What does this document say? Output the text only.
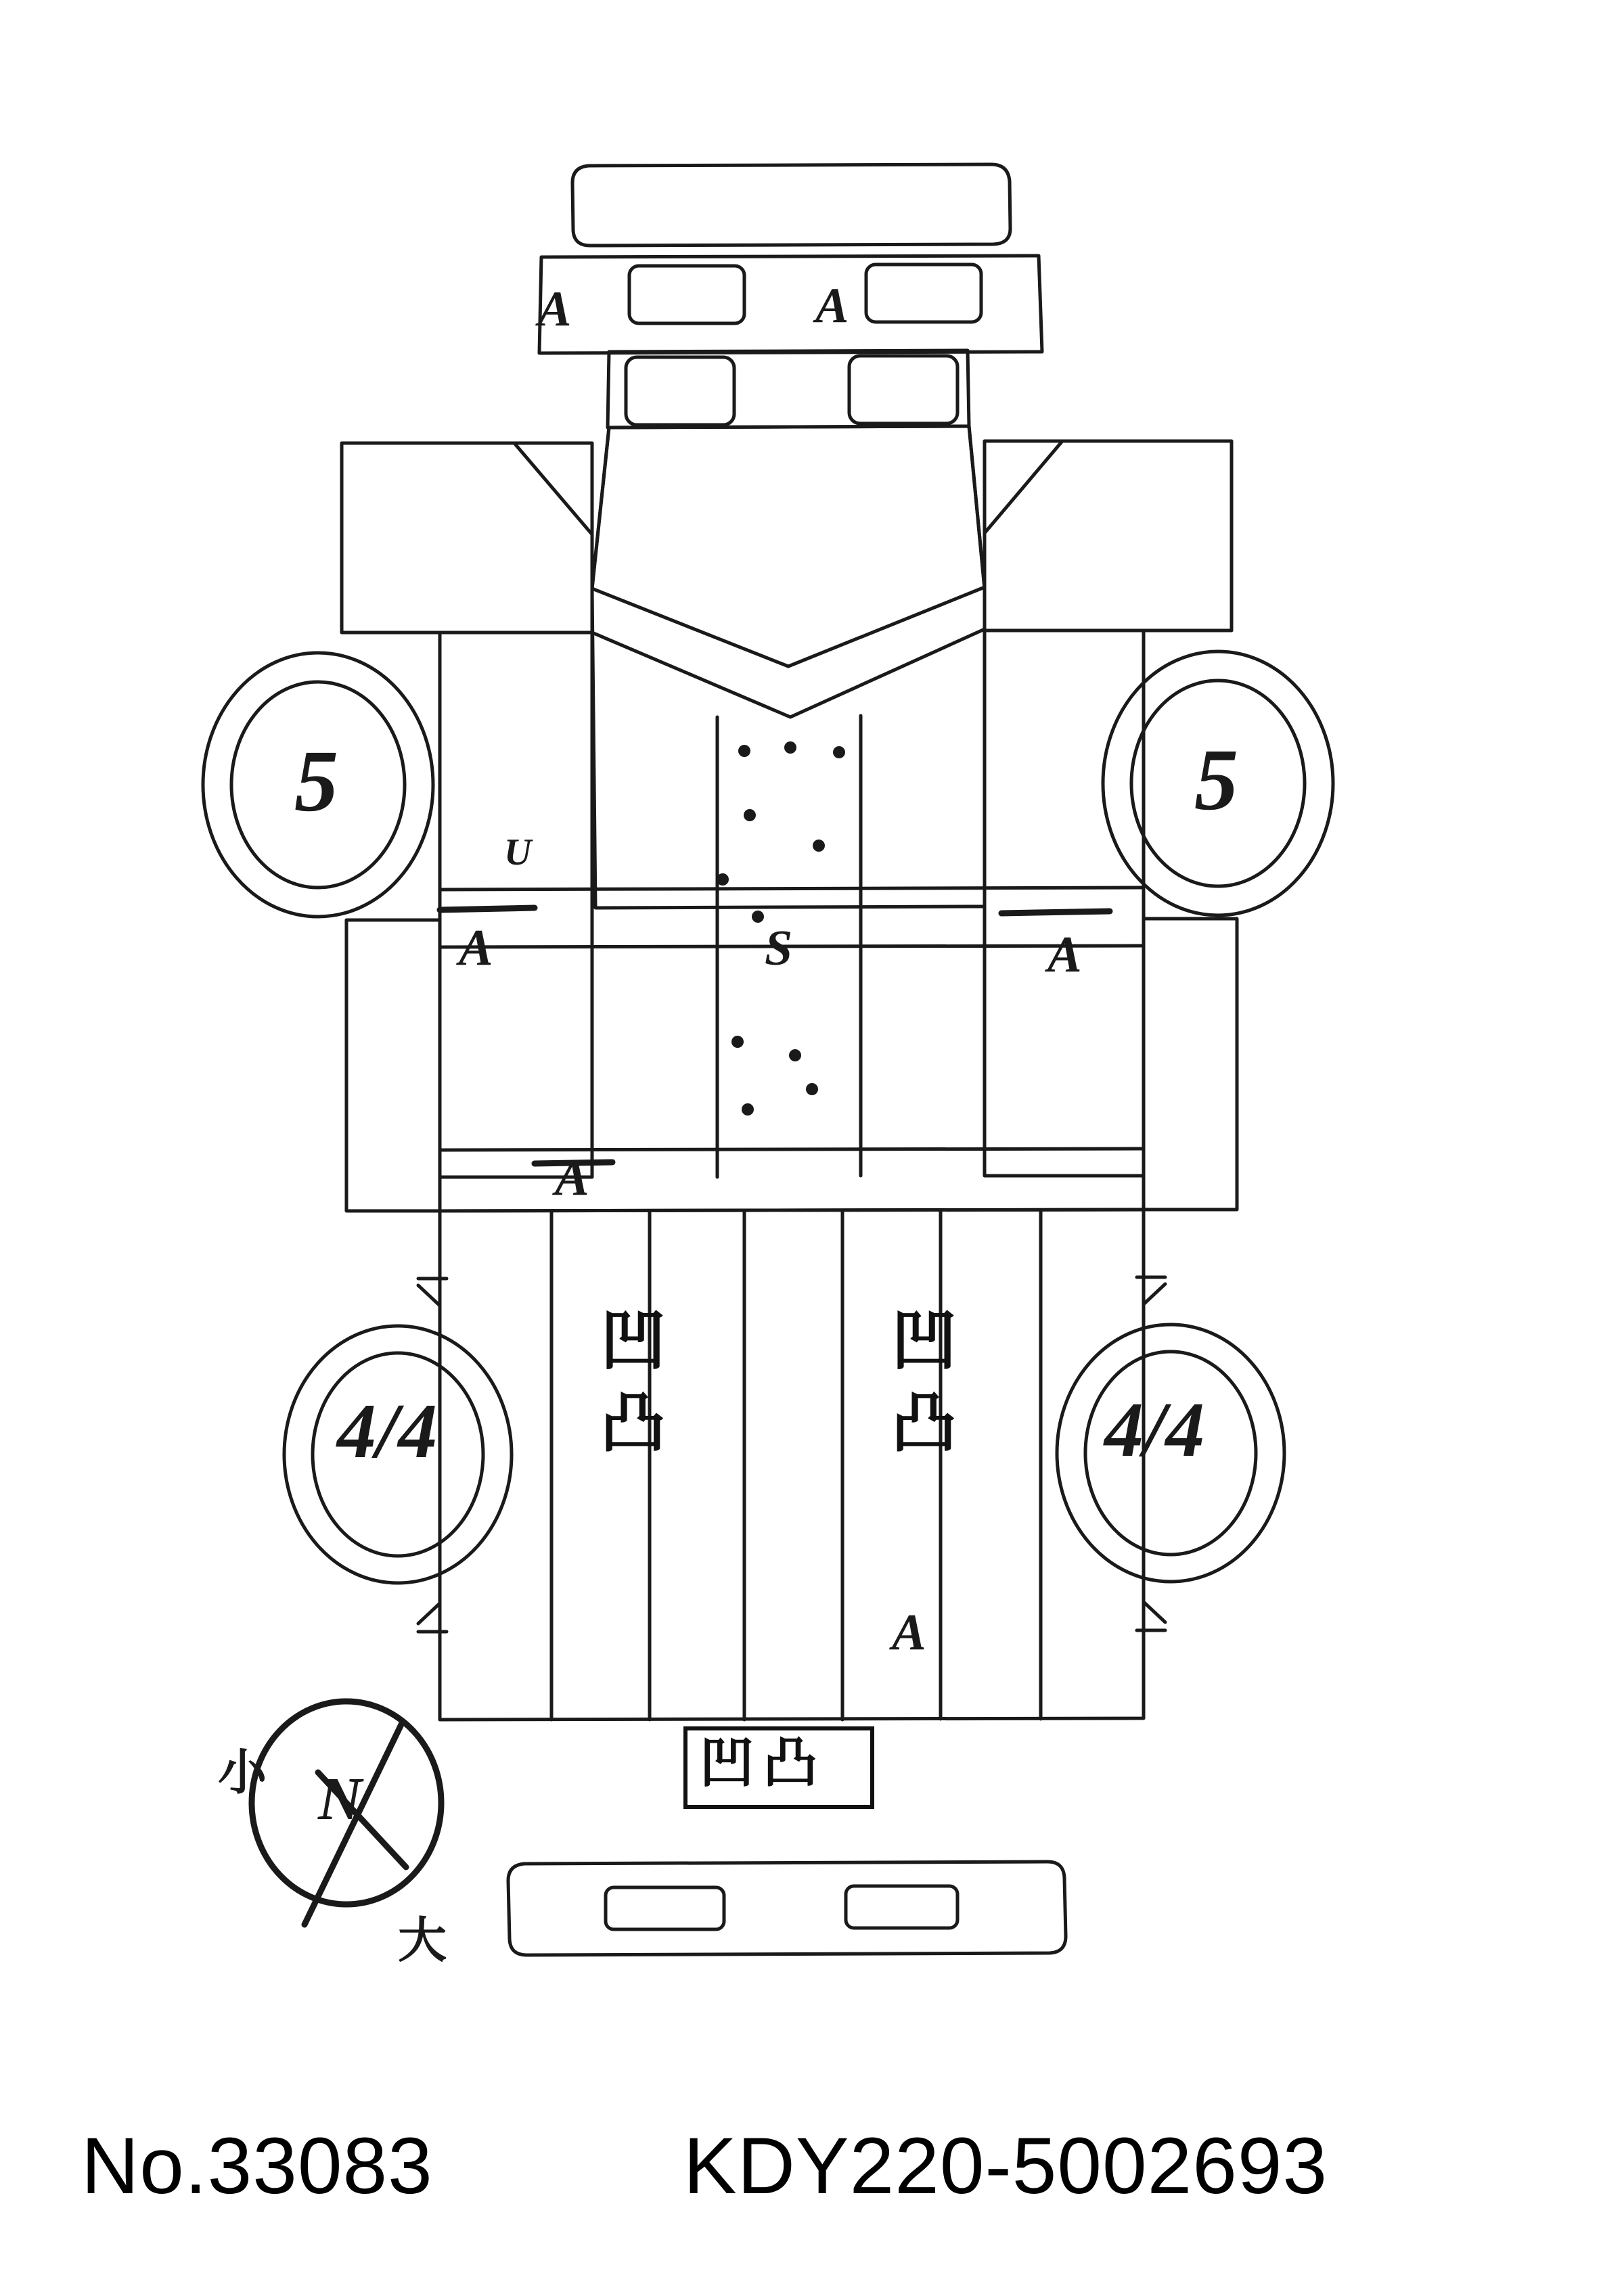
A	A
5	5
U
A	S	A
A
4/4	4/4
A
小 N
大
凹凸	凹凸
凹凸
No.33083	KDY220-5002693
